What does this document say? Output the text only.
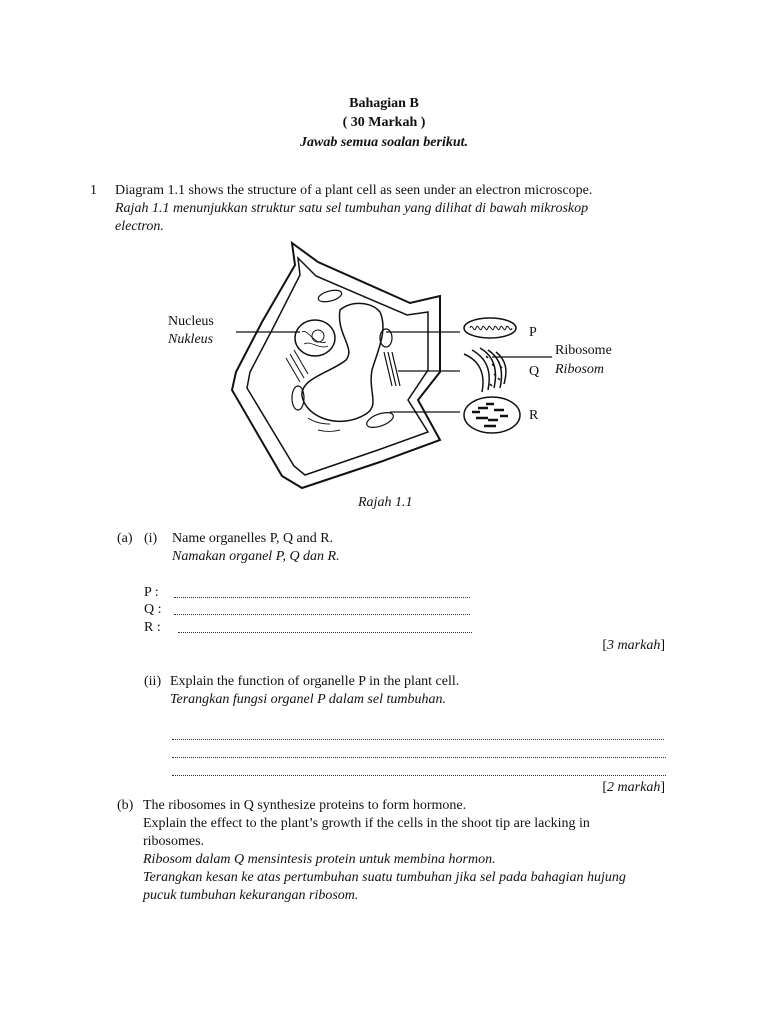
Bahagian B
( 30 Markah )
Jawab semua soalan berikut.
1 Diagram 1.1 shows the structure of a plant cell as seen under an electron microscope.
Rajah 1.1 menunjukkan struktur satu sel tumbuhan yang dilihat di bawah mikroskop
electron.
Nucleus
Nukleus	P
Q
R
Ribosome
Ribosom
Rajah 1.1
(a) (i) Name organelles P, Q and R.
Namakan organel P, Q dan R.
P :
Q :
R :
[3 markah]
(ii) Explain the function of organelle P in the plant cell.
Terangkan fungsi organel P dalam sel tumbuhan.
[2 markah]
(b) The ribosomes in Q synthesize proteins to form hormone.
Explain the effect to the plant’s growth if the cells in the shoot tip are lacking in
ribosomes.
Ribosom dalam Q mensintesis protein untuk membina hormon.
Terangkan kesan ke atas pertumbuhan suatu tumbuhan jika sel pada bahagian hujung
pucuk tumbuhan kekurangan ribosom.
